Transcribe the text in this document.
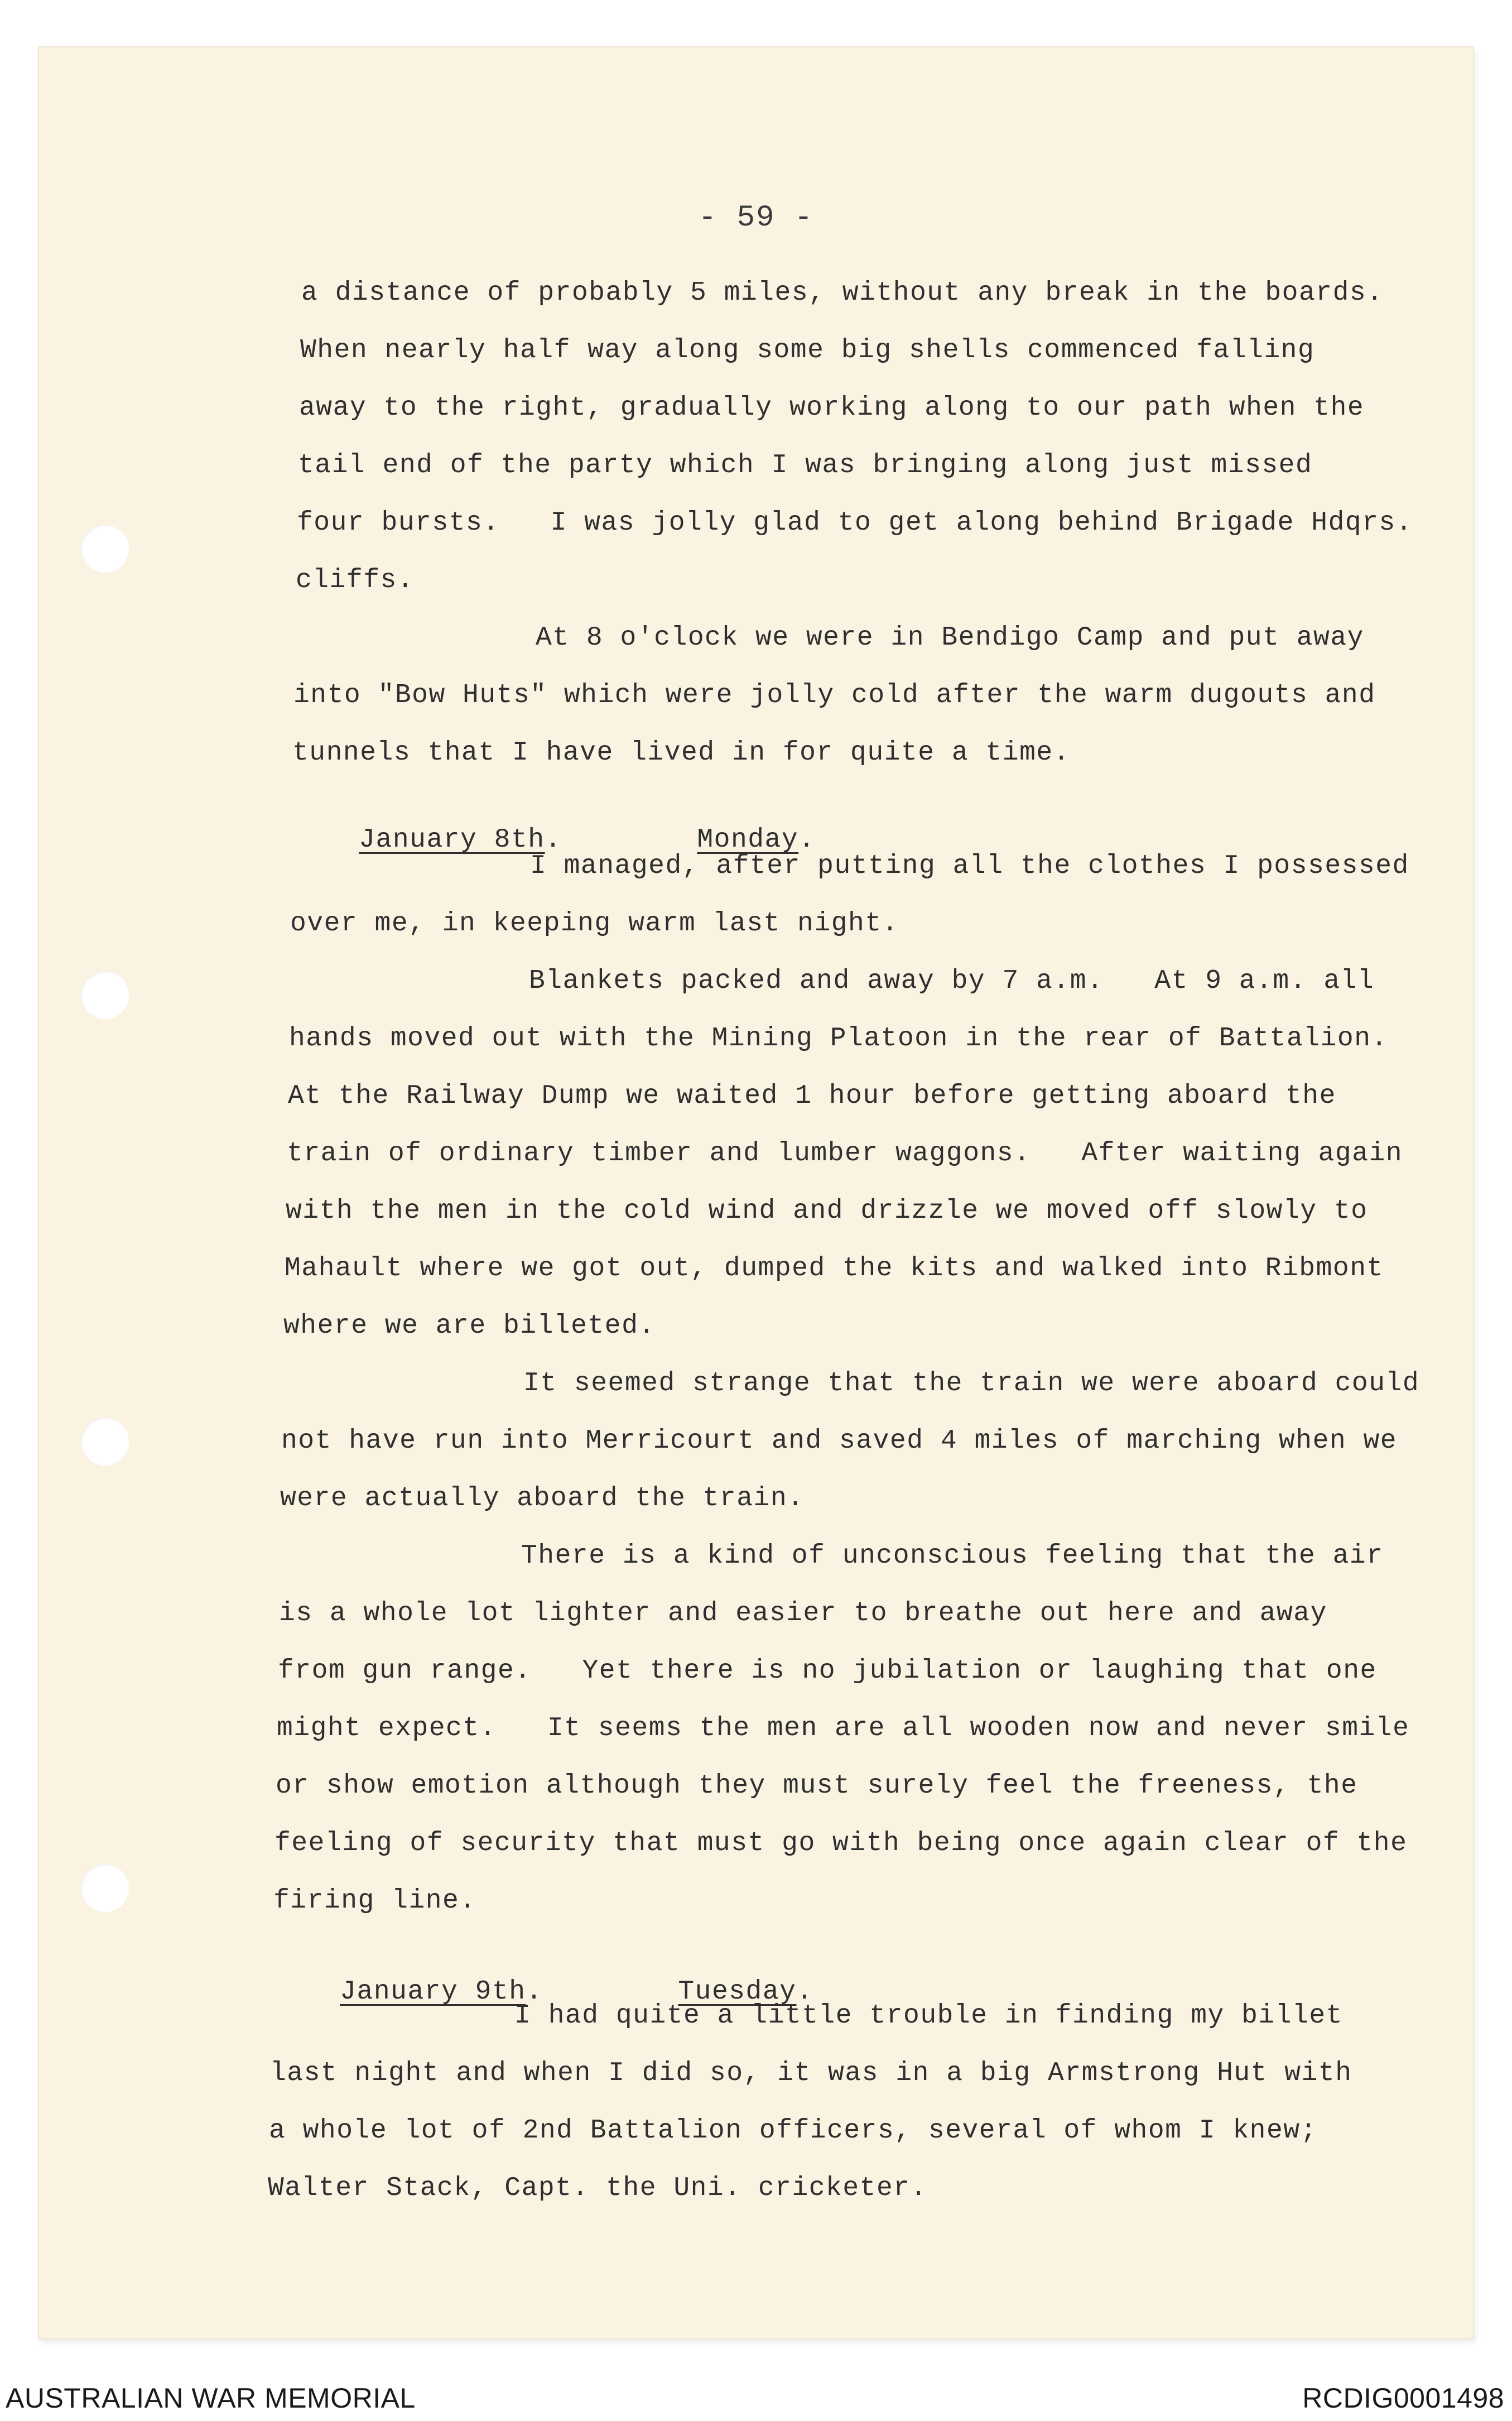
- 59 -
a distance of probably 5 miles, without any break in the boards.
When nearly half way along some big shells commenced falling
away to the right, gradually working along to our path when the
tail end of the party which I was bringing along just missed
four bursts.   I was jolly glad to get along behind Brigade Hdqrs.
cliffs.
At 8 o'clock we were in Bendigo Camp and put away
into "Bow Huts" which were jolly cold after the warm dugouts and
tunnels that I have lived in for quite a time.

January 8th.        Monday.

I managed, after putting all the clothes I possessed
over me, in keeping warm last night.
Blankets packed and away by 7 a.m.   At 9 a.m. all
hands moved out with the Mining Platoon in the rear of Battalion.
At the Railway Dump we waited 1 hour before getting aboard the
train of ordinary timber and lumber waggons.   After waiting again
with the men in the cold wind and drizzle we moved off slowly to
Mahault where we got out, dumped the kits and walked into Ribmont
where we are billeted.
It seemed strange that the train we were aboard could
not have run into Merricourt and saved 4 miles of marching when we
were actually aboard the train.
There is a kind of unconscious feeling that the air
is a whole lot lighter and easier to breathe out here and away
from gun range.   Yet there is no jubilation or laughing that one
might expect.   It seems the men are all wooden now and never smile
or show emotion although they must surely feel the freeness, the
feeling of security that must go with being once again clear of the
firing line.

January 9th.        Tuesday.

I had quite a little trouble in finding my billet
last night and when I did so, it was in a big Armstrong Hut with
a whole lot of 2nd Battalion officers, several of whom I knew;
Walter Stack, Capt. the Uni. cricketer.
AUSTRALIAN WAR MEMORIAL	RCDIG0001498
